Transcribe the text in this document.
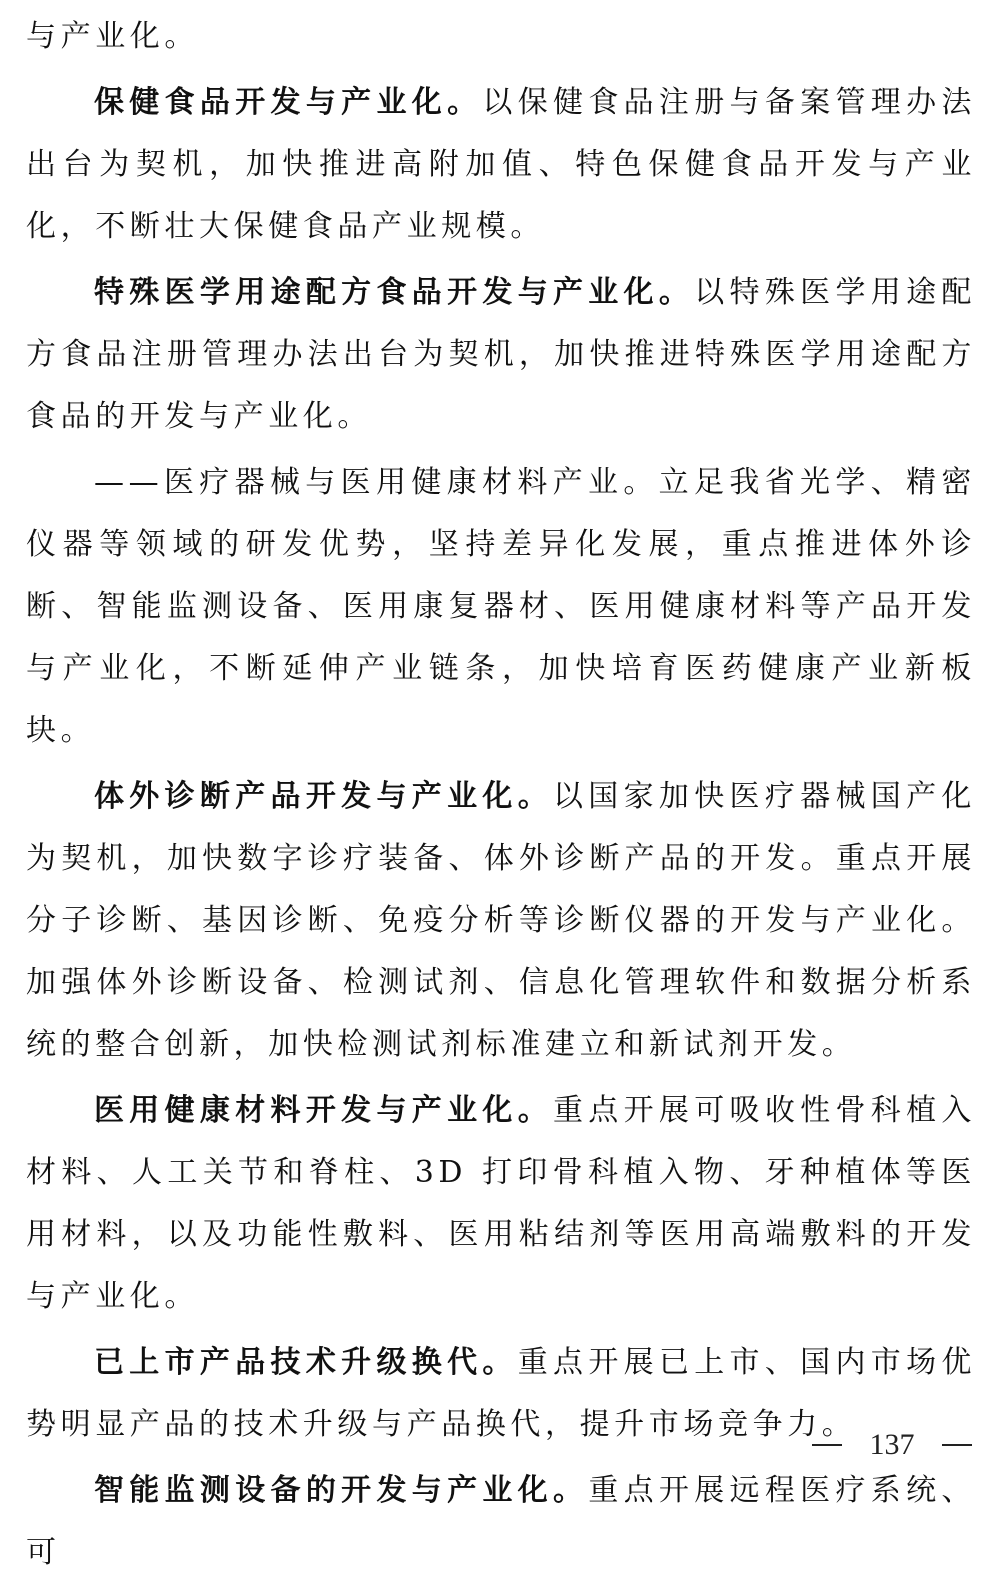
与产业化。

保健食品开发与产业化。以保健食品注册与备案管理办法出台为契机，加快推进高附加值、特色保健食品开发与产业化，不断壮大保健食品产业规模。

特殊医学用途配方食品开发与产业化。以特殊医学用途配方食品注册管理办法出台为契机，加快推进特殊医学用途配方食品的开发与产业化。

——医疗器械与医用健康材料产业。立足我省光学、精密仪器等领域的研发优势，坚持差异化发展，重点推进体外诊断、智能监测设备、医用康复器材、医用健康材料等产品开发与产业化，不断延伸产业链条，加快培育医药健康产业新板块。

体外诊断产品开发与产业化。以国家加快医疗器械国产化为契机，加快数字诊疗装备、体外诊断产品的开发。重点开展分子诊断、基因诊断、免疫分析等诊断仪器的开发与产业化。加强体外诊断设备、检测试剂、信息化管理软件和数据分析系统的整合创新，加快检测试剂标准建立和新试剂开发。

医用健康材料开发与产业化。重点开展可吸收性骨科植入材料、人工关节和脊柱、3D 打印骨科植入物、牙种植体等医用材料，以及功能性敷料、医用粘结剂等医用高端敷料的开发与产业化。

已上市产品技术升级换代。重点开展已上市、国内市场优势明显产品的技术升级与产品换代，提升市场竞争力。

智能监测设备的开发与产业化。重点开展远程医疗系统、可

137
